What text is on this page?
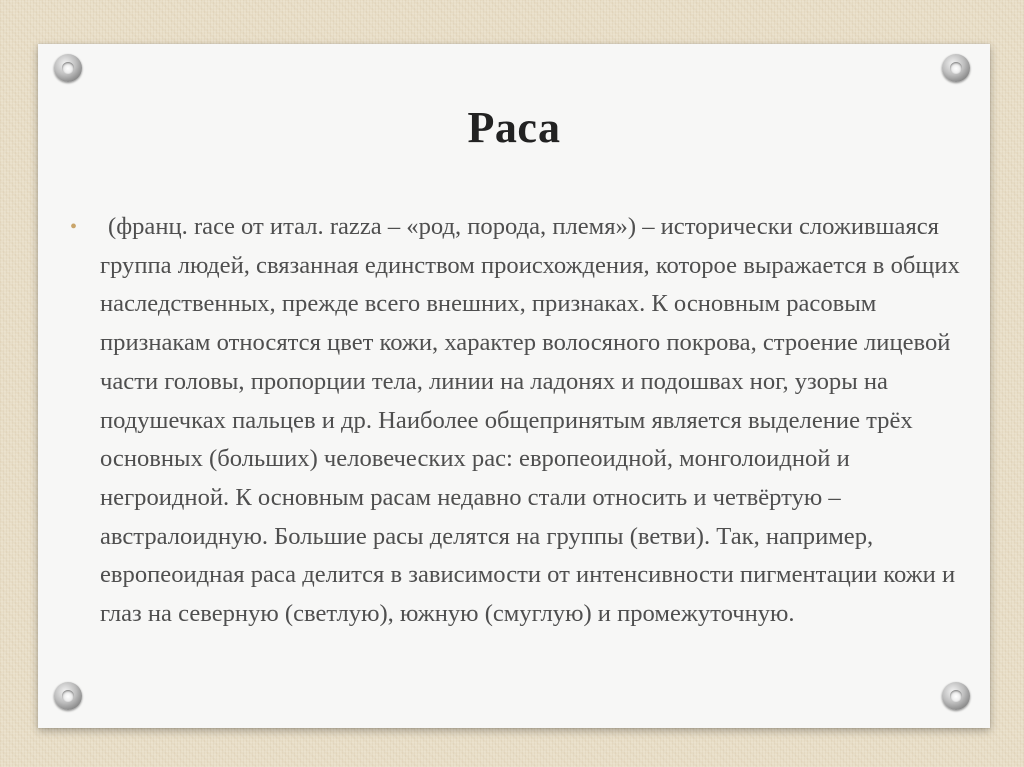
Раса
•	(франц. race от итал. razza – «род, порода, племя») – исторически сложившаяся группа людей, связанная единством происхождения, которое выражается в общих наследственных, прежде всего внешних, признаках. К основным расовым признакам относятся цвет кожи, характер волосяного покрова, строение лицевой части головы, пропорции тела, линии на ладонях и подошвах ног, узоры на подушечках пальцев и др. Наиболее общепринятым является выделение трёх основных (больших) человеческих рас: европеоидной, монголоидной и негроидной. К основным расам недавно стали относить и четвёртую – австралоидную. Большие расы делятся на группы (ветви). Так, например, европеоидная раса делится в зависимости от интенсивности пигментации кожи и глаз на северную (светлую), южную (смуглую) и промежуточную.
